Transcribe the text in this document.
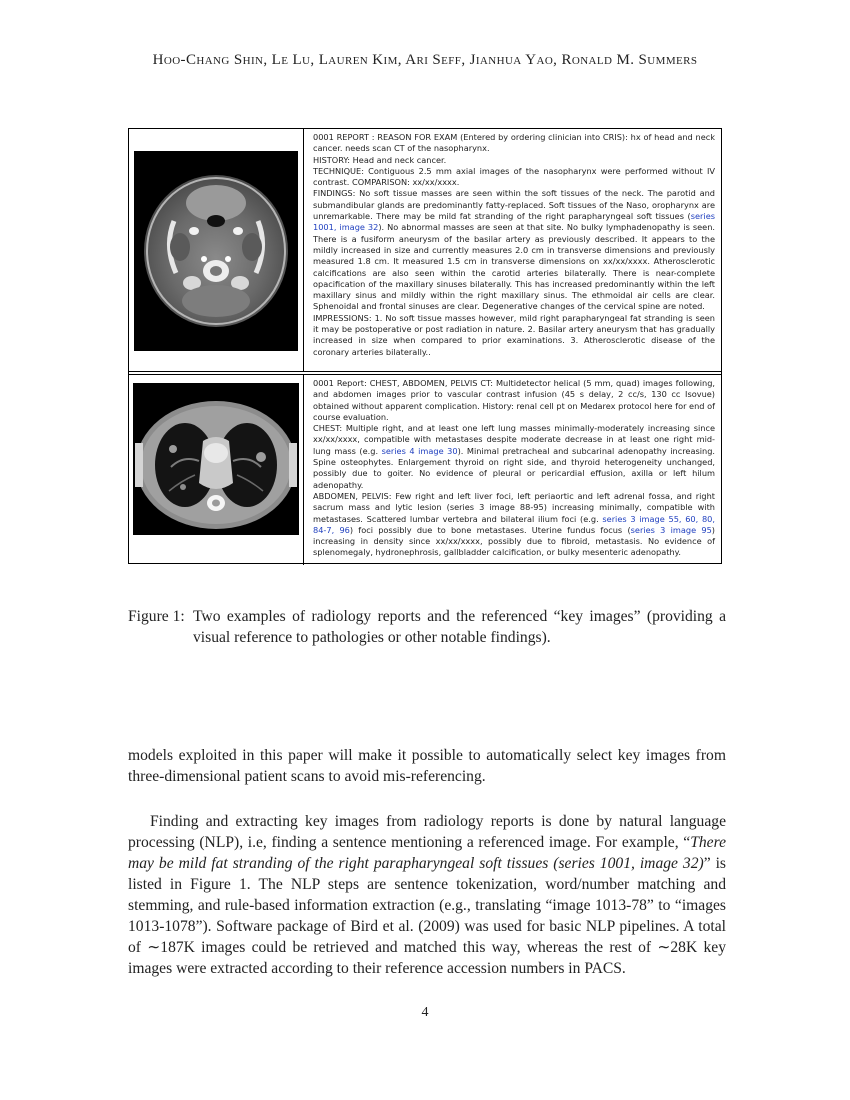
Hoo-Chang Shin, Le Lu, Lauren Kim, Ari Seff, Jianhua Yao, Ronald M. Summers

0001 REPORT : REASON FOR EXAM (Entered by ordering clinician into CRIS): hx of head and neck cancer. needs scan CT of the nasopharynx.

HISTORY: Head and neck cancer.

TECHNIQUE: Contiguous 2.5 mm axial images of the nasopharynx were performed without IV contrast. COMPARISON: xx/xx/xxxx.

FINDINGS: No soft tissue masses are seen within the soft tissues of the neck. The parotid and submandibular glands are predominantly fatty-replaced. Soft tissues of the Naso, oropharynx are unremarkable. There may be mild fat stranding of the right parapharyngeal soft tissues (series 1001, image 32). No abnormal masses are seen at that site. No bulky lymphadenopathy is seen. There is a fusiform aneurysm of the basilar artery as previously described. It appears to the mildly increased in size and currently measures 2.0 cm in transverse dimensions and previously measured 1.8 cm. It measured 1.5 cm in transverse dimensions on xx/xx/xxxx. Atherosclerotic calcifications are also seen within the carotid arteries bilaterally. There is near-complete opacification of the maxillary sinuses bilaterally. This has increased predominantly within the left maxillary sinus and mildly within the right maxillary sinus. The ethmoidal air cells are clear. Sphenoidal and frontal sinuses are clear. Degenerative changes of the cervical spine are noted.

IMPRESSIONS: 1. No soft tissue masses however, mild right parapharyngeal fat stranding is seen it may be postoperative or post radiation in nature. 2. Basilar artery aneurysm that has gradually increased in size when compared to prior examinations. 3. Atherosclerotic disease of the coronary arteries bilaterally..

0001 Report: CHEST, ABDOMEN, PELVIS CT: Multidetector helical (5 mm, quad) images following, and abdomen images prior to vascular contrast infusion (45 s delay, 2 cc/s, 130 cc Isovue) obtained without apparent complication. History: renal cell pt on Medarex protocol here for end of course evaluation.

CHEST: Multiple right, and at least one left lung masses minimally-moderately increasing since xx/xx/xxxx, compatible with metastases despite moderate decrease in at least one right mid-lung mass (e.g. series 4 image 30). Minimal pretracheal and subcarinal adenopathy increasing. Spine osteophytes. Enlargement thyroid on right side, and thyroid heterogeneity unchanged, possibly due to goiter. No evidence of pleural or pericardial effusion, axilla or left hilum adenopathy.

ABDOMEN, PELVIS: Few right and left liver foci, left periaortic and left adrenal fossa, and right sacrum mass and lytic lesion (series 3 image 88-95) increasing minimally, compatible with metastases. Scattered lumbar vertebra and bilateral ilium foci (e.g. series 3 image 55, 60, 80, 84-7, 96) foci possibly due to bone metastases. Uterine fundus focus (series 3 image 95) increasing in density since xx/xx/xxxx, possibly due to fibroid, metastasis. No evidence of splenomegaly, hydronephrosis, gallbladder calcification, or bulky mesenteric adenopathy.

Figure 1: Two examples of radiology reports and the referenced “key images” (providing a visual reference to pathologies or other notable findings).
models exploited in this paper will make it possible to automatically select key images from three-dimensional patient scans to avoid mis-referencing.
Finding and extracting key images from radiology reports is done by natural language processing (NLP), i.e, finding a sentence mentioning a referenced image. For example, “There may be mild fat stranding of the right parapharyngeal soft tissues (series 1001, image 32)” is listed in Figure 1. The NLP steps are sentence tokenization, word/number matching and stemming, and rule-based information extraction (e.g., translating “image 1013-78” to “images 1013-1078”). Software package of Bird et al. (2009) was used for basic NLP pipelines. A total of ∼187K images could be retrieved and matched this way, whereas the rest of ∼28K key images were extracted according to their reference accession numbers in PACS.
4
